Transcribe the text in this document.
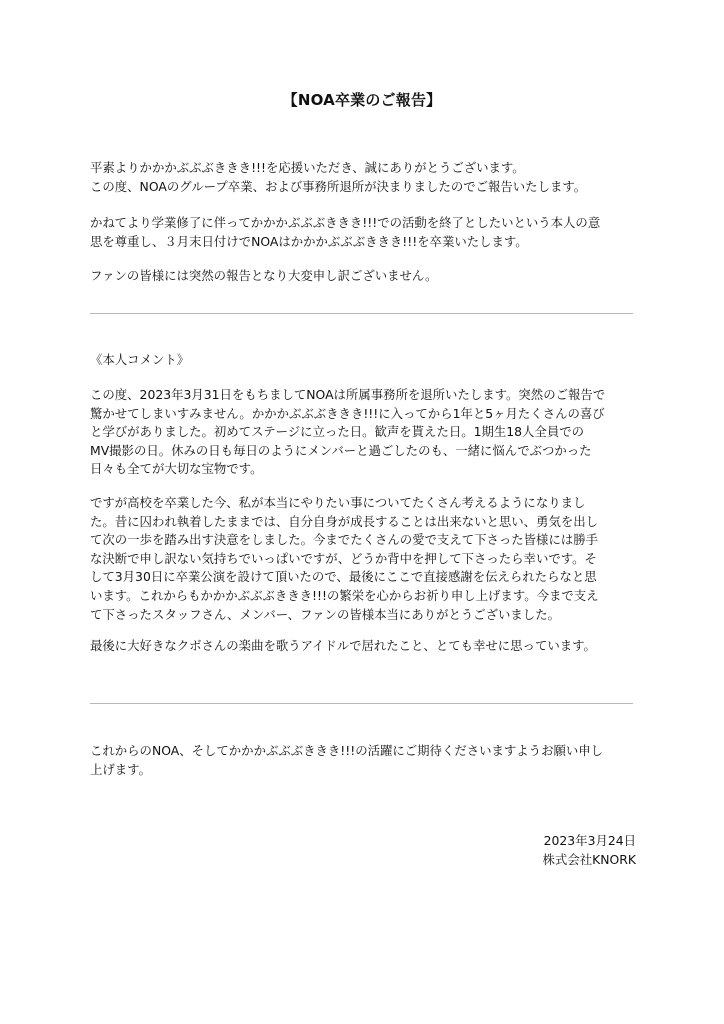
【NOA卒業のご報告】

平素よりかかかぶぶぶききき!!!を応援いただき、誠にありがとうございます。

この度、NOAのグループ卒業、および事務所退所が決まりましたのでご報告いたします。

かねてより学業修了に伴ってかかかぶぶぶききき!!!での活動を終了としたいという本人の意

思を尊重し、３月末日付けでNOAはかかかぶぶぶききき!!!を卒業いたします。

ファンの皆様には突然の報告となり大変申し訳ございません。

《本人コメント》

この度、2023年3月31日をもちましてNOAは所属事務所を退所いたします。突然のご報告で

驚かせてしまいすみません。かかかぶぶぶききき!!!に入ってから1年と5ヶ月たくさんの喜び

と学びがありました。初めてステージに立った日。歓声を貰えた日。1期生18人全員での

MV撮影の日。休みの日も毎日のようにメンバーと過ごしたのも、一緒に悩んでぶつかった

日々も全てが大切な宝物です。

ですが高校を卒業した今、私が本当にやりたい事についてたくさん考えるようになりまし

た。昔に囚われ執着したままでは、自分自身が成長することは出来ないと思い、勇気を出し

て次の一歩を踏み出す決意をしました。今までたくさんの愛で支えて下さった皆様には勝手

な決断で申し訳ない気持ちでいっぱいですが、どうか背中を押して下さったら幸いです。そ

して3月30日に卒業公演を設けて頂いたので、最後にここで直接感謝を伝えられたらなと思

います。これからもかかかぶぶぶききき!!!の繁栄を心からお祈り申し上げます。今まで支え

て下さったスタッフさん、メンバー、ファンの皆様本当にありがとうございました。

最後に大好きなクボさんの楽曲を歌うアイドルで居れたこと、とても幸せに思っています。

これからのNOA、そしてかかかぶぶぶききき!!!の活躍にご期待くださいますようお願い申し

上げます。

2023年3月24日

株式会社KNORK
